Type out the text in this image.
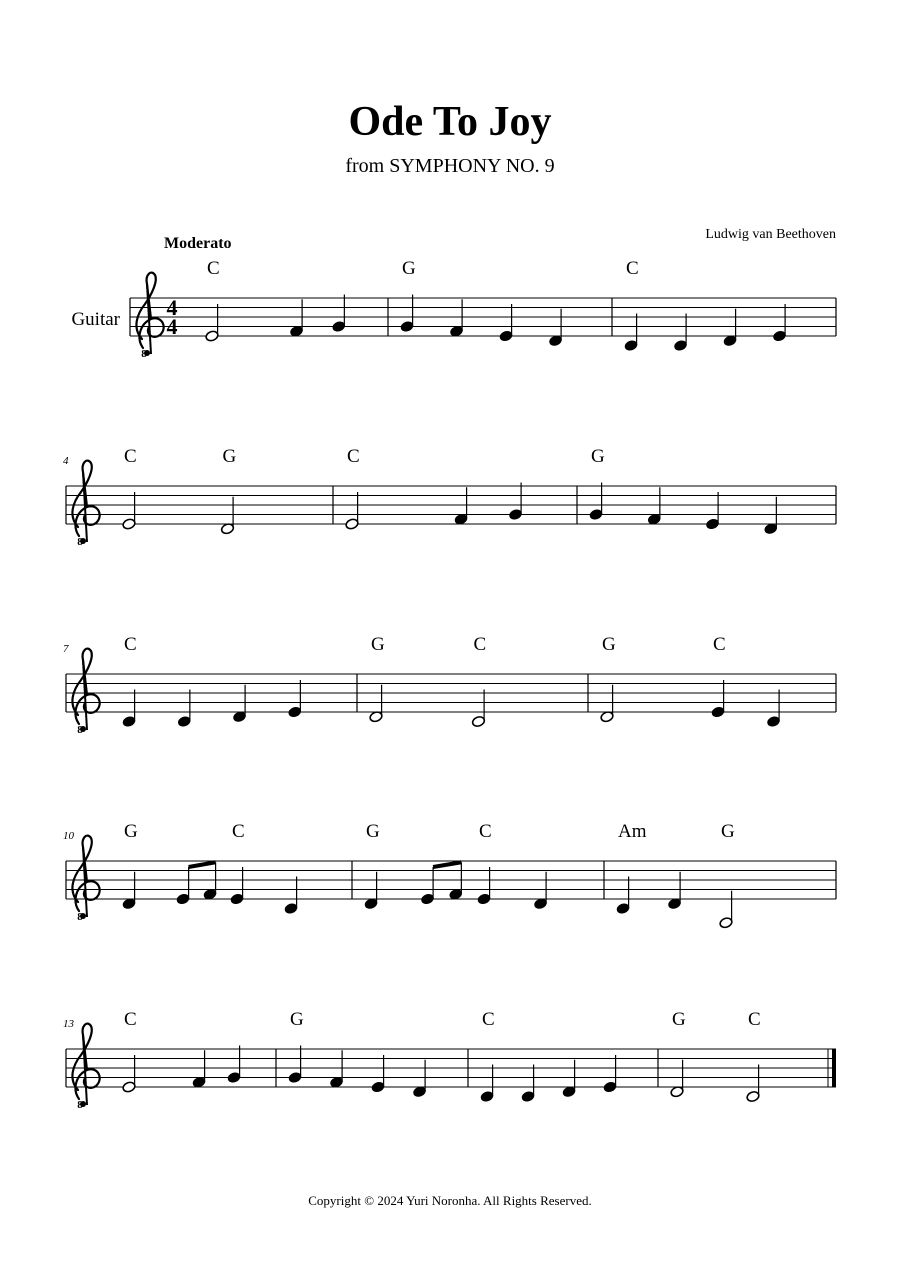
Ode To Joy
from SYMPHONY NO. 9
Ludwig van Beethoven
Moderato
8
Guitar 4
4
C	G	C
8
4	C	G	C	G
8
7	C	G	C	G	C
8
10	G	C	G	C	Am	G
8
13	C	G	C	G	C
Copyright © 2024 Yuri Noronha. All Rights Reserved.
